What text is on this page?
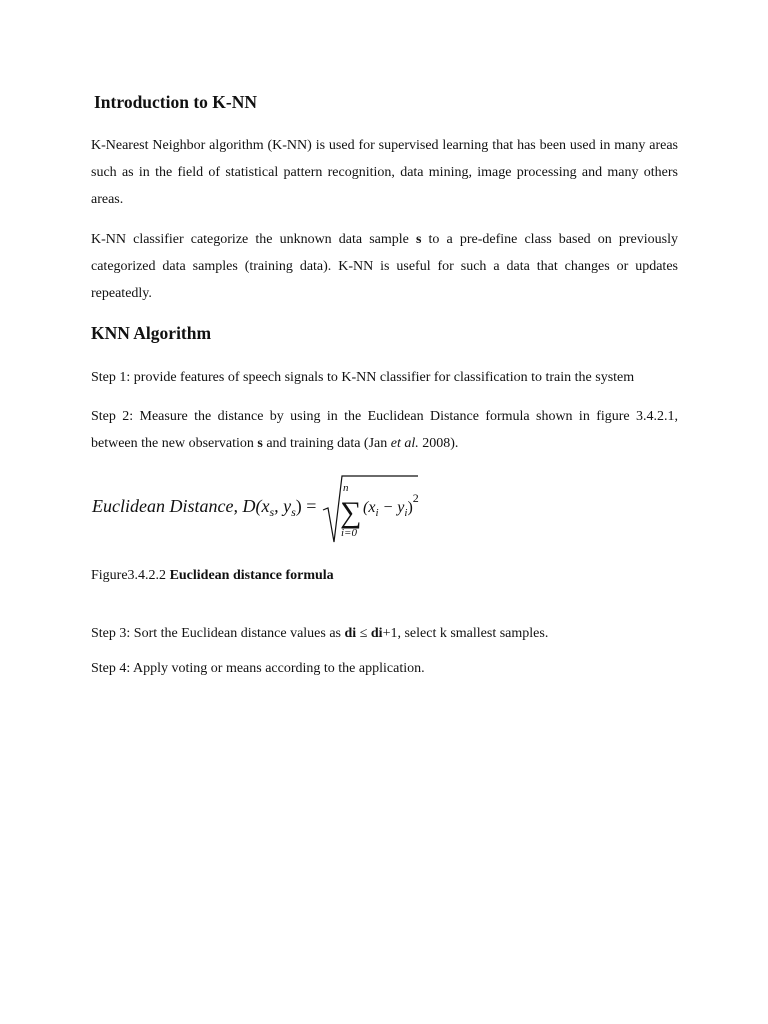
Introduction to K-NN

K-Nearest Neighbor algorithm (K-NN) is used for supervised learning that has been used in many areas such as in the field of statistical pattern recognition, data mining, image processing and many others areas.

K-NN classifier categorize the unknown data sample s to a pre-define class based on previously categorized data samples (training data). K-NN is useful for such a data that changes or updates repeatedly.

KNN Algorithm

Step 1: provide features of speech signals to K-NN classifier for classification to train the system

Step 2: Measure the distance by using in the Euclidean Distance formula shown in figure 3.4.2.1, between the new observation s and training data (Jan et al. 2008).

Euclidean Distance, $D(x_s$, $y_s$) = ∑
n
i=0
$(x_i - y_i)^2$

Figure3.4.2.2 Euclidean distance formula

Step 3: Sort the Euclidean distance values as di ≤ di+1, select k smallest samples.

Step 4: Apply voting or means according to the application.
